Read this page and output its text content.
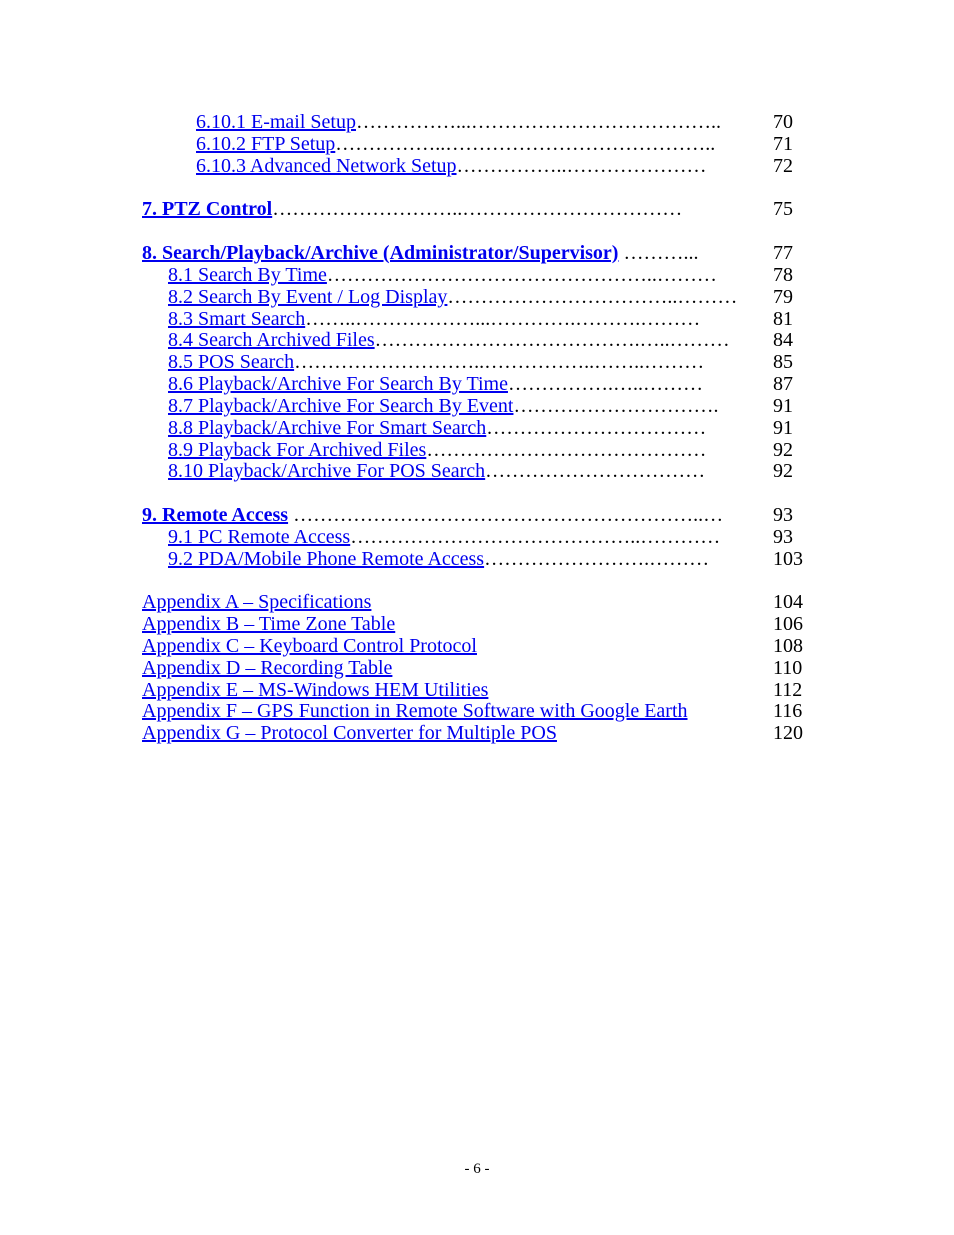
6.10.1 E-mail Setup……………...………………………………..	70
6.10.2 FTP Setup……………..…………………………………..	71
6.10.3 Advanced Network Setup……………..…………………	72
7. PTZ Control………………………..……………………………	75
8. Search/Playback/Archive (Administrator/Supervisor) ………...	77
8.1 Search By Time…………………………………………..………	78
8.2 Search By Event / Log Display……………………………..……… 79
8.3 Smart Search……..………………...………….……….………	81
8.4 Search Archived Files………………………………….…..……… 84
8.5 POS Search………………………..……………..……..………	85
8.6 Playback/Archive For Search By Time…………….…..………	87
8.7 Playback/Archive For Search By Event………………………….	91
8.8 Playback/Archive For Smart Search……………………………	91
8.9 Playback For Archived Files……………………………………	92
8.10 Playback/Archive For POS Search……………………………	92
9. Remote Access ……………………………………………………..… 93
9.1 PC Remote Access……………………………………..…………	93
9.2 PDA/Mobile Phone Remote Access…………………….………	103
Appendix A – Specifications	104
Appendix B – Time Zone Table	106
Appendix C – Keyboard Control Protocol	108
Appendix D – Recording Table	110
Appendix E – MS-Windows HEM Utilities	112
Appendix F – GPS Function in Remote Software with Google Earth	116
Appendix G – Protocol Converter for Multiple POS	120
- 6 -
